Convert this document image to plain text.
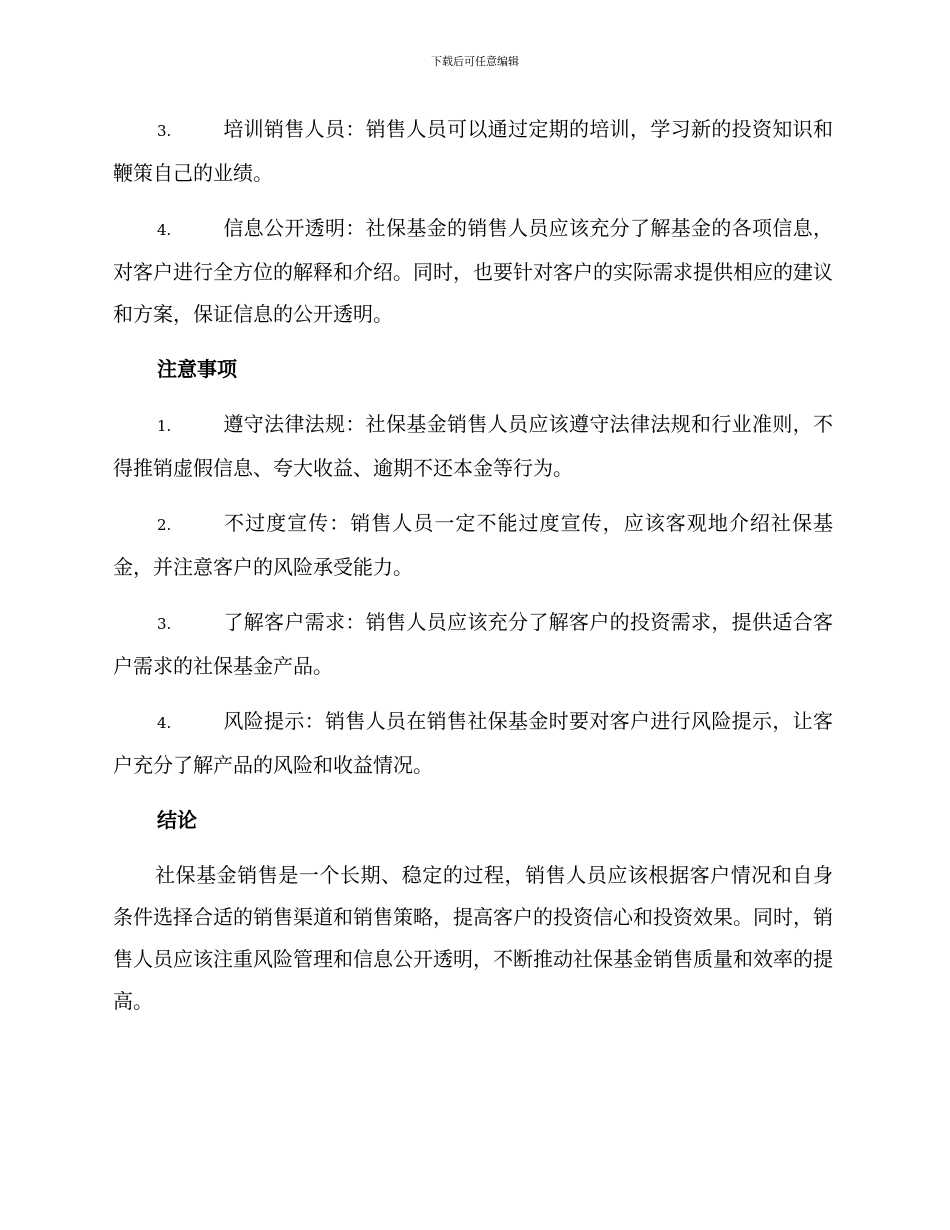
下载后可任意编辑

3.	培训销售人员：销售人员可以通过定期的培训，学习新的投资知识和鞭策自己的业绩。

4.	信息公开透明：社保基金的销售人员应该充分了解基金的各项信息，对客户进行全方位的解释和介绍。同时，也要针对客户的实际需求提供相应的建议和方案，保证信息的公开透明。

注意事项

1.	遵守法律法规：社保基金销售人员应该遵守法律法规和行业准则，不得推销虚假信息、夸大收益、逾期不还本金等行为。

2.	不过度宣传：销售人员一定不能过度宣传，应该客观地介绍社保基金，并注意客户的风险承受能力。

3.	了解客户需求：销售人员应该充分了解客户的投资需求，提供适合客户需求的社保基金产品。

4.	风险提示：销售人员在销售社保基金时要对客户进行风险提示，让客户充分了解产品的风险和收益情况。

结论

社保基金销售是一个长期、稳定的过程，销售人员应该根据客户情况和自身条件选择合适的销售渠道和销售策略，提高客户的投资信心和投资效果。同时，销售人员应该注重风险管理和信息公开透明，不断推动社保基金销售质量和效率的提高。
